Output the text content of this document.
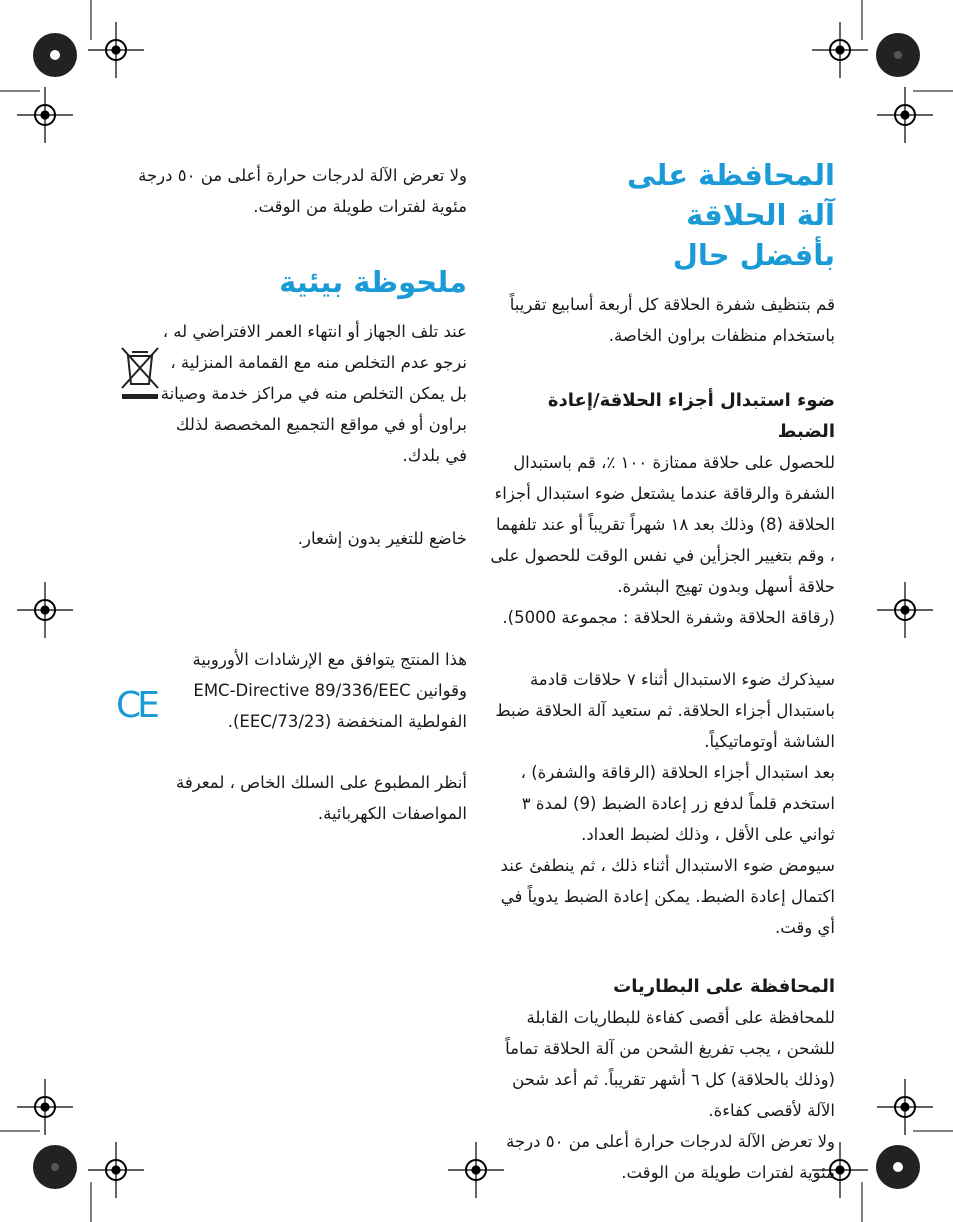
CE

ولا تعرض الآلة لدرجات حرارة أعلى من ٥٠ درجة مئوية لفترات طويلة من الوقت.

ملحوظة بيئية

عند تلف الجهاز أو انتهاء العمر الافتراضي له ، نرجو عدم التخلص منه مع القمامة المنزلية ، بل يمكن التخلص منه في مراكز خدمة وصيانة براون أو في مواقع التجميع المخصصة لذلك في بلدك.

خاضع للتغير بدون إشعار.

هذا المنتج يتوافق مع الإرشادات الأوروبية وقوانين EMC-Directive 89/336/EEC الفولطية المنخفضة (73/23/EEC).

أنظر المطبوع على السلك الخاص ، لمعرفة المواصفات الكهربائية.

المحافظة على آلة الحلاقة بأفضل حال

قم بتنظيف شفرة الحلاقة كل أربعة أسابيع تقريباً باستخدام منظفات براون الخاصة.

ضوء استبدال أجزاء الحلاقة/إعادة الضبط

للحصول على حلاقة ممتازة ١٠٠ ٪، قم باستبدال الشفرة والرقاقة عندما يشتعل ضوء استبدال أجزاء الحلاقة (8) وذلك بعد ١٨ شهراً تقريباً أو عند تلفهما ، وقم بتغيير الجزأين في نفس الوقت للحصول على حلاقة أسهل وبدون تهيج البشرة.

(رقاقة الحلاقة وشفرة الحلاقة : مجموعة 5000).

سيذكرك ضوء الاستبدال أثناء ٧ حلاقات قادمة باستبدال أجزاء الحلاقة. ثم ستعيد آلة الحلاقة ضبط الشاشة أوتوماتيكياً.

بعد استبدال أجزاء الحلاقة (الرقاقة والشفرة) ، استخدم قلماً لدفع زر إعادة الضبط (9) لمدة ٣ ثواني على الأقل ، وذلك لضبط العداد.

سيومض ضوء الاستبدال أثناء ذلك ، ثم ينطفئ عند اكتمال إعادة الضبط. يمكن إعادة الضبط يدوياً في أي وقت.

المحافظة على البطاريات

للمحافظة على أقصى كفاءة للبطاريات القابلة للشحن ، يجب تفريغ الشحن من آلة الحلاقة تماماً (وذلك بالحلاقة) كل ٦ أشهر تقريباً. ثم أعد شحن الآلة لأقصى كفاءة.

ولا تعرض الآلة لدرجات حرارة أعلى من ٥٠ درجة مئوية لفترات طويلة من الوقت.
